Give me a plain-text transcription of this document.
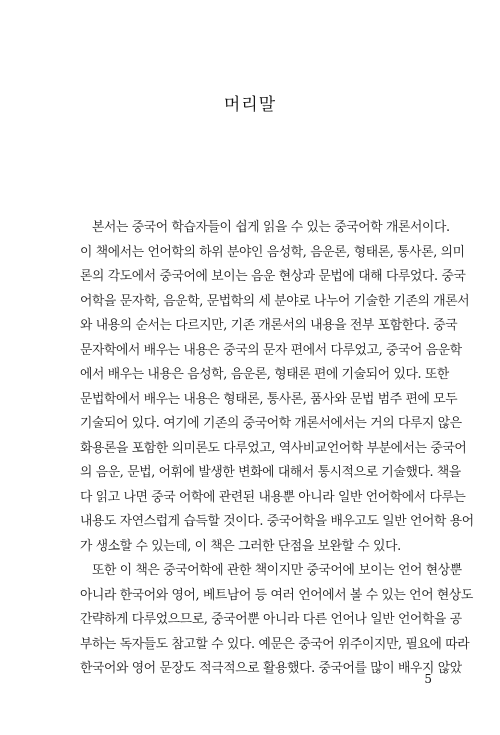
머리말
본서는 중국어 학습자들이 쉽게 읽을 수 있는 중국어학 개론서이다.
이 책에서는 언어학의 하위 분야인 음성학, 음운론, 형태론, 통사론, 의미
론의 각도에서 중국어에 보이는 음운 현상과 문법에 대해 다루었다. 중국
어학을 문자학, 음운학, 문법학의 세 분야로 나누어 기술한 기존의 개론서
와 내용의 순서는 다르지만, 기존 개론서의 내용을 전부 포함한다. 중국
문자학에서 배우는 내용은 중국의 문자 편에서 다루었고, 중국어 음운학
에서 배우는 내용은 음성학, 음운론, 형태론 편에 기술되어 있다. 또한
문법학에서 배우는 내용은 형태론, 통사론, 품사와 문법 범주 편에 모두
기술되어 있다. 여기에 기존의 중국어학 개론서에서는 거의 다루지 않은
화용론을 포함한 의미론도 다루었고, 역사비교언어학 부분에서는 중국어
의 음운, 문법, 어휘에 발생한 변화에 대해서 통시적으로 기술했다. 책을
다 읽고 나면 중국 어학에 관련된 내용뿐 아니라 일반 언어학에서 다루는
내용도 자연스럽게 습득할 것이다. 중국어학을 배우고도 일반 언어학 용어
가 생소할 수 있는데, 이 책은 그러한 단점을 보완할 수 있다.
또한 이 책은 중국어학에 관한 책이지만 중국어에 보이는 언어 현상뿐
아니라 한국어와 영어, 베트남어 등 여러 언어에서 볼 수 있는 언어 현상도
간략하게 다루었으므로, 중국어뿐 아니라 다른 언어나 일반 언어학을 공
부하는 독자들도 참고할 수 있다. 예문은 중국어 위주이지만, 필요에 따라
한국어와 영어 문장도 적극적으로 활용했다. 중국어를 많이 배우지 않았
5
